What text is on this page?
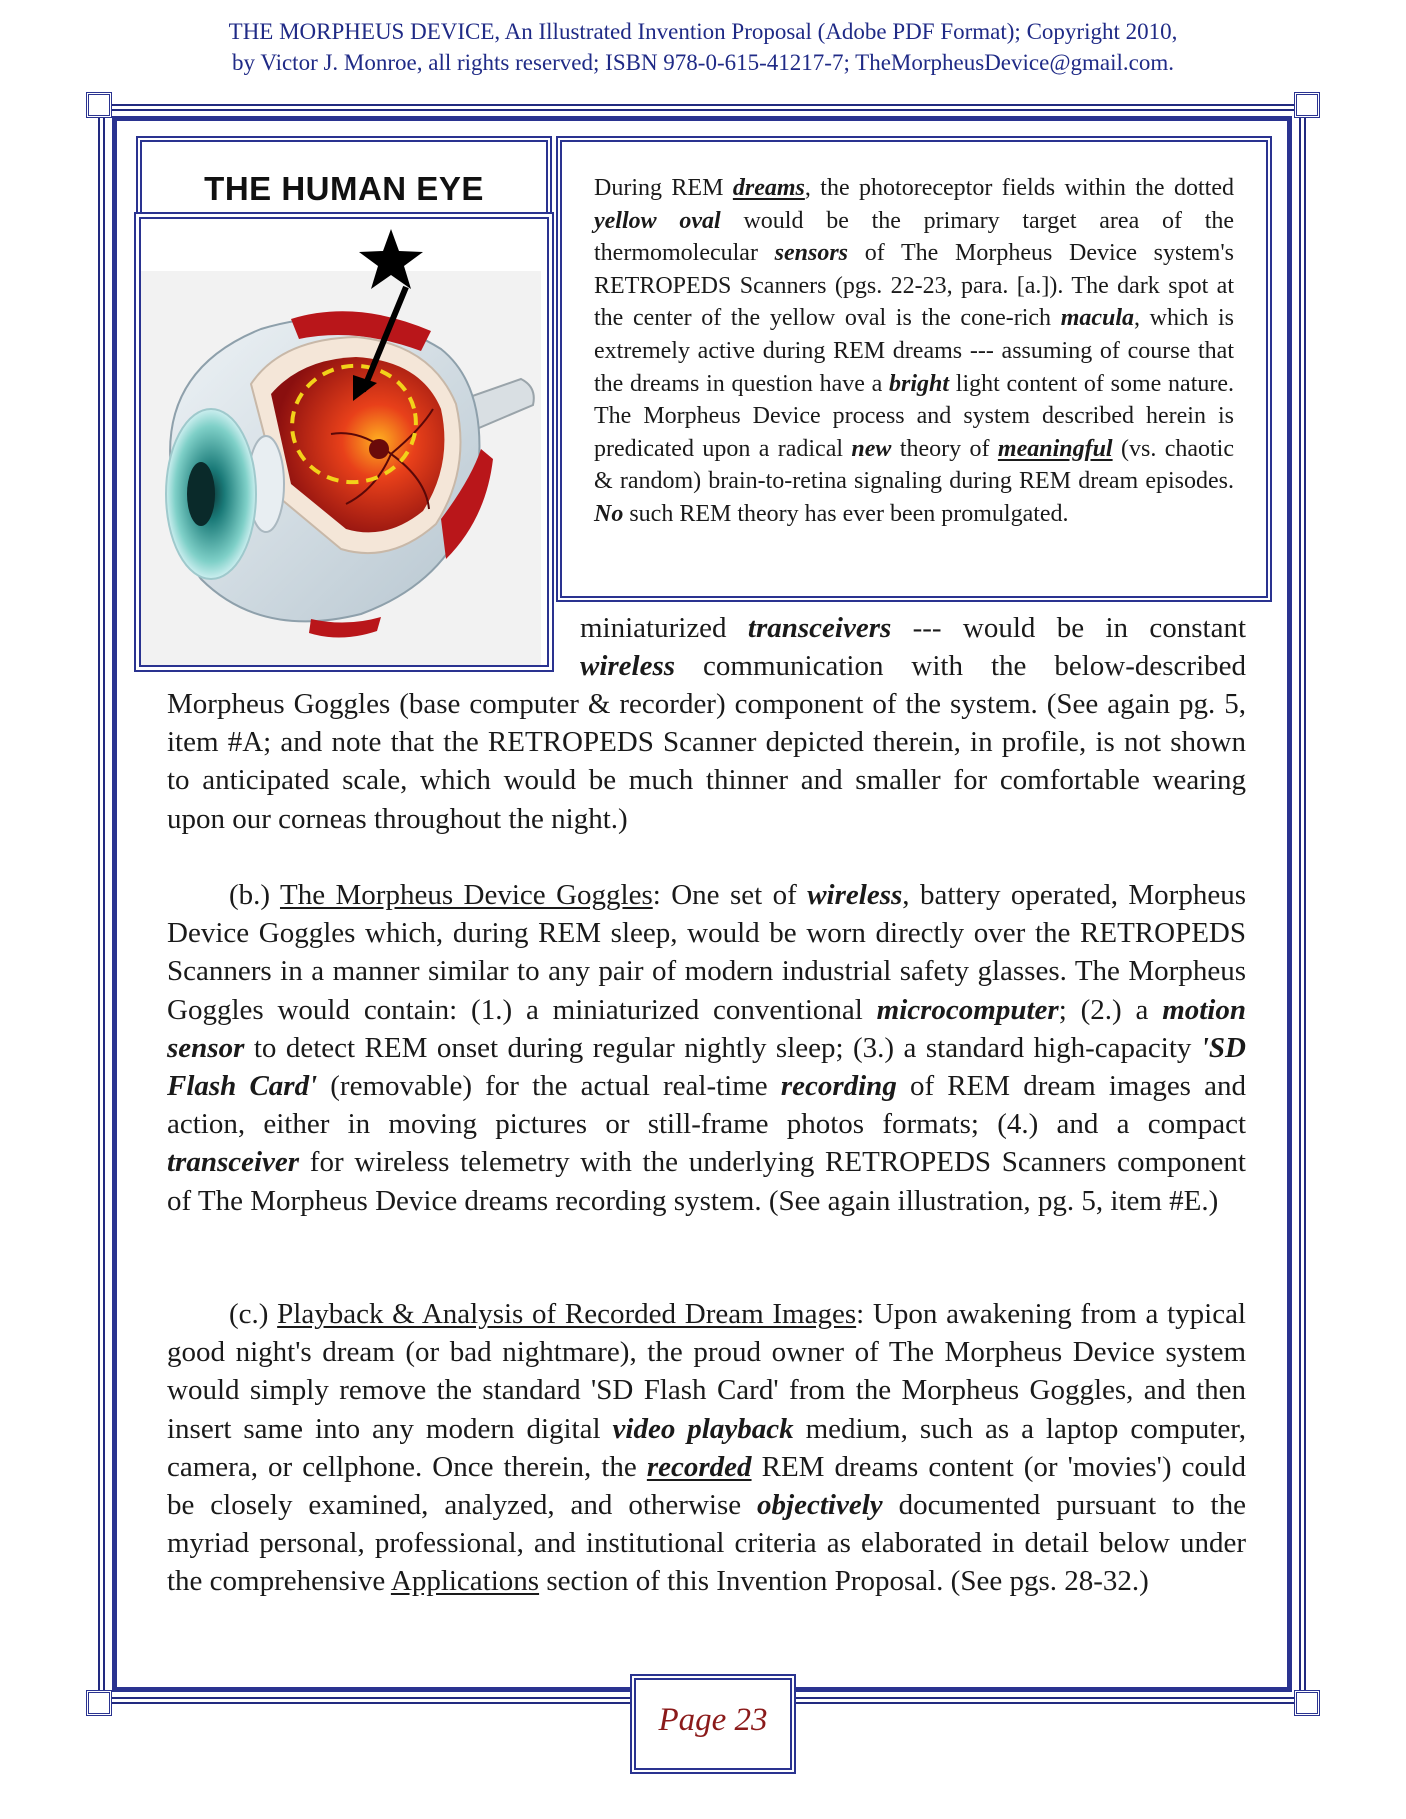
THE MORPHEUS DEVICE, An Illustrated Invention Proposal (Adobe PDF Format); Copyright 2010,
by Victor J. Monroe, all rights reserved; ISBN 978-0-615-41217-7; TheMorpheusDevice@gmail.com.
THE HUMAN EYE	During REM dreams, the photoreceptor fields within the dotted yellow oval would be the primary target area of the thermomolecular sensors of The Morpheus Device system's RETROPEDS Scanners (pgs. 22-23, para. [a.]). The dark spot at the center of the yellow oval is the cone-rich macula, which is extremely active during REM dreams --- assuming of course that the dreams in question have a bright light content of some nature. The Morpheus Device process and system described herein is predicated upon a radical new theory of meaningful (vs. chaotic & random) brain-to-retina signaling during REM dream episodes. No such REM theory has ever been promulgated.
miniaturized transceivers --- would be in constant wireless communication with the below-described
Morpheus Goggles (base computer & recorder) component of the system. (See again pg. 5, item #A; and note that the RETROPEDS Scanner depicted therein, in profile, is not shown to anticipated scale, which would be much thinner and smaller for comfortable wearing upon our corneas throughout the night.)
(b.) The Morpheus Device Goggles: One set of wireless, battery operated, Morpheus Device Goggles which, during REM sleep, would be worn directly over the RETROPEDS Scanners in a manner similar to any pair of modern industrial safety glasses. The Morpheus Goggles would contain: (1.) a miniaturized conventional microcomputer; (2.) a motion sensor to detect REM onset during regular nightly sleep; (3.) a standard high-capacity 'SD Flash Card' (removable) for the actual real-time recording of REM dream images and action, either in moving pictures or still-frame photos formats; (4.) and a compact transceiver for wireless telemetry with the underlying RETROPEDS Scanners component of The Morpheus Device dreams recording system. (See again illustration, pg. 5, item #E.)
(c.) Playback & Analysis of Recorded Dream Images: Upon awakening from a typical good night's dream (or bad nightmare), the proud owner of The Morpheus Device system would simply remove the standard 'SD Flash Card' from the Morpheus Goggles, and then insert same into any modern digital video playback medium, such as a laptop computer, camera, or cellphone. Once therein, the recorded REM dreams content (or 'movies') could be closely examined, analyzed, and otherwise objectively documented pursuant to the myriad personal, professional, and institutional criteria as elaborated in detail below under the comprehensive Applications section of this Invention Proposal. (See pgs. 28-32.)
Page 23
